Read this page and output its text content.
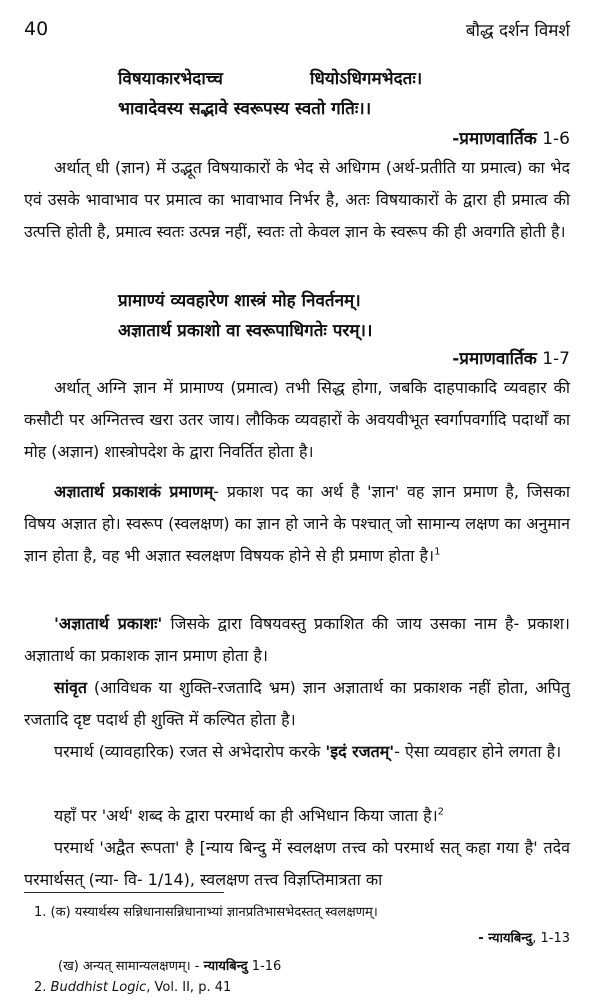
40	बौद्ध दर्शन विमर्श
विषयाकारभेदाच्च	धियोऽधिगमभेदतः।
भावादेवस्य सद्भावे स्वरूपस्य स्वतो गतिः।।
-प्रमाणवार्तिक 1-6

अर्थात् धी (ज्ञान) में उद्भूत विषयाकारों के भेद से अधिगम (अर्थ-प्रतीति या प्रमात्व) का भेद एवं उसके भावाभाव पर प्रमात्व का भावाभाव निर्भर है, अतः विषयाकारों के द्वारा ही प्रमात्व की उत्पत्ति होती है, प्रमात्व स्वतः उत्पन्न नहीं, स्वतः तो केवल ज्ञान के स्वरूप की ही अवगति होती है।

प्रामाण्यं व्यवहारेण शास्त्रं मोह निवर्तनम्।
अज्ञातार्थ प्रकाशो वा स्वरूपाधिगतेः परम्।।
-प्रमाणवार्तिक 1-7

अर्थात् अग्नि ज्ञान में प्रामाण्य (प्रमात्व) तभी सिद्ध होगा, जबकि दाहपाकादि व्यवहार की कसौटी पर अग्नितत्त्व खरा उतर जाय। लौकिक व्यवहारों के अवयवीभूत स्वर्गापवर्गादि पदार्थों का मोह (अज्ञान) शास्त्रोपदेश के द्वारा निवर्तित होता है।

अज्ञातार्थ प्रकाशकं प्रमाणम्- प्रकाश पद का अर्थ है 'ज्ञान' वह ज्ञान प्रमाण है, जिसका विषय अज्ञात हो। स्वरूप (स्वलक्षण) का ज्ञान हो जाने के पश्चात् जो सामान्य लक्षण का अनुमान ज्ञान होता है, वह भी अज्ञात स्वलक्षण विषयक होने से ही प्रमाण होता है।$^1$

'अज्ञातार्थ प्रकाशः' जिसके द्वारा विषयवस्तु प्रकाशित की जाय उसका नाम है- प्रकाश। अज्ञातार्थ का प्रकाशक ज्ञान प्रमाण होता है।

सांवृत (आविधक या शुक्ति-रजतादि भ्रम) ज्ञान अज्ञातार्थ का प्रकाशक नहीं होता, अपितु रजतादि दृष्ट पदार्थ ही शुक्ति में कल्पित होता है।

परमार्थ (व्यावहारिक) रजत से अभेदारोप करके 'इदं रजतम्'- ऐसा व्यवहार होने लगता है।

यहाँ पर 'अर्थ' शब्द के द्वारा परमार्थ का ही अभिधान किया जाता है।$^2$

परमार्थ 'अद्वैत रूपता' है [न्याय बिन्दु में स्वलक्षण तत्त्व को परमार्थ सत् कहा गया है' तदेव परमार्थसत् (न्या- वि- 1/14), स्वलक्षण तत्त्व विज्ञप्तिमात्रता का

1. (क) यस्यार्थस्य सन्निधानासन्निधानाभ्यां ज्ञानप्रतिभासभेदस्तत् स्वलक्षणम्।
- न्यायबिन्दु, 1-13
(ख) अन्यत् सामान्यलक्षणम्। - न्यायबिन्दु 1-16
2. Buddhist Logic, Vol. II, p. 41
